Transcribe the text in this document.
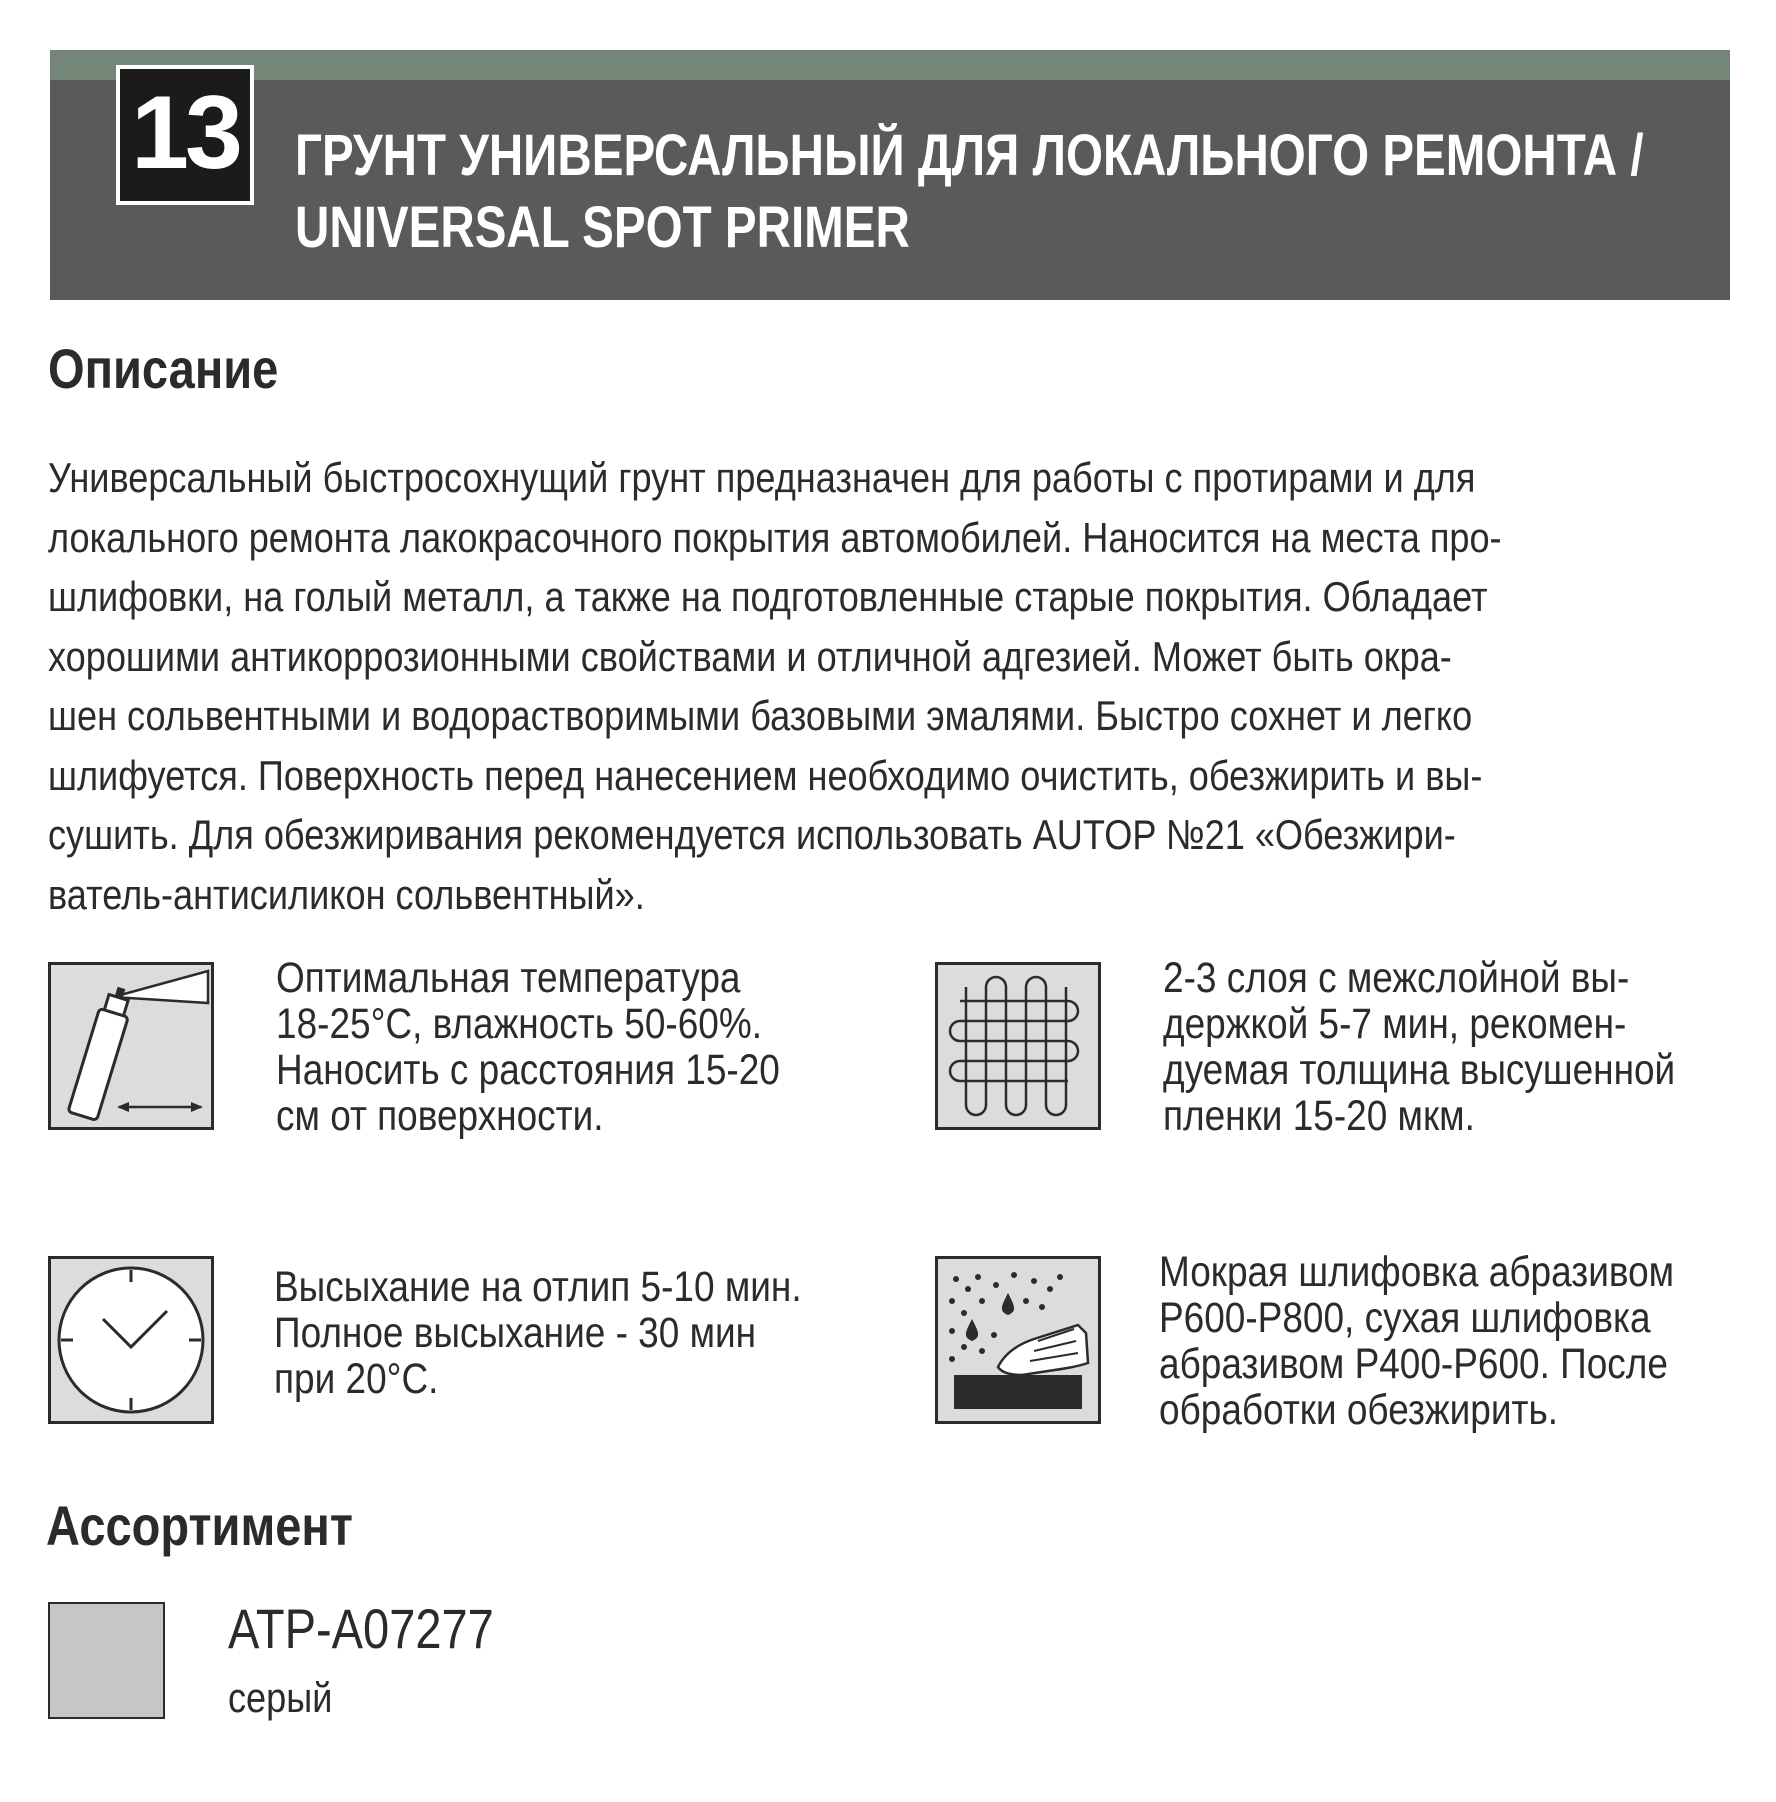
13 ГРУНТ УНИВЕРСАЛЬНЫЙ ДЛЯ ЛОКАЛЬНОГО РЕМОНТА /
UNIVERSAL SPOT PRIMER
Описание
Универсальный быстросохнущий грунт предназначен для работы с протирами и для
локального ремонта лакокрасочного покрытия автомобилей. Наносится на места про-
шлифовки, на голый металл, а также на подготовленные старые покрытия. Обладает
хорошими антикоррозионными свойствами и отличной адгезией. Может быть окра-
шен сольвентными и водорастворимыми базовыми эмалями. Быстро сохнет и легко
шлифуется. Поверхность перед нанесением необходимо очистить, обезжирить и вы-
сушить. Для обезжиривания рекомендуется использовать AUTOP №21 «Обезжири-
ватель-антисиликон сольвентный».
Оптимальная температура
18-25°C, влажность 50-60%.
Наносить с расстояния 15-20
см от поверхности.
2-3 слоя с межслойной вы-
держкой 5-7 мин, рекомен-
дуемая толщина высушенной
пленки 15-20 мкм.
Высыхание на отлип 5-10 мин.
Полное высыхание - 30 мин
при 20°C.
Мокрая шлифовка абразивом
P600-P800, сухая шлифовка
абразивом P400-P600. После
обработки обезжирить.
Ассортимент
ATP-A07277
серый
